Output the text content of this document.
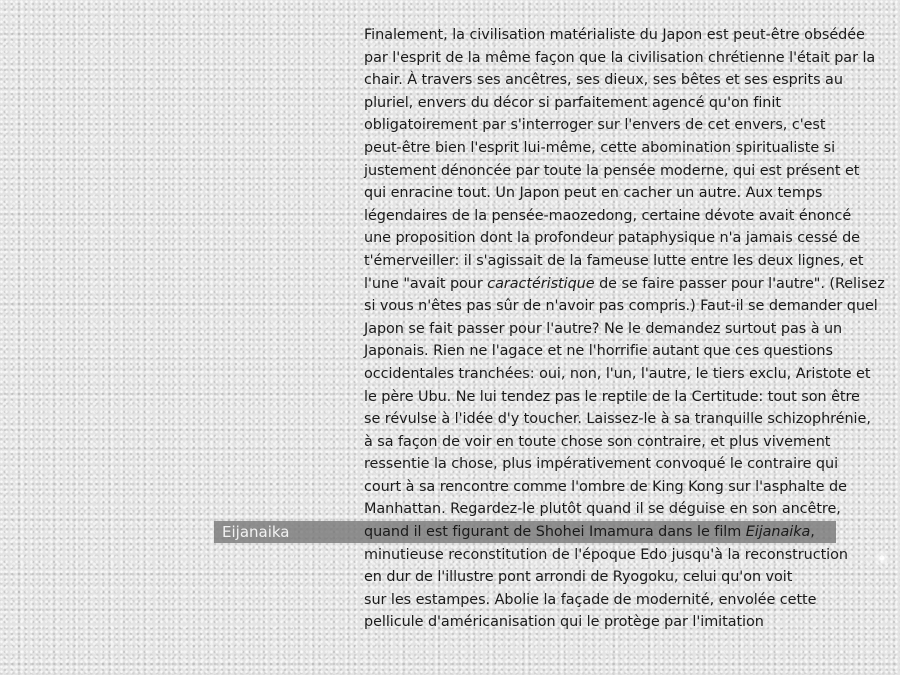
Eijanaika
Finalement, la civilisation matérialiste du Japon est peut-être obsédée
par l'esprit de la même façon que la civilisation chrétienne l'était par la
chair. À travers ses ancêtres, ses dieux, ses bêtes et ses esprits au
pluriel, envers du décor si parfaitement agencé qu'on finit
obligatoirement par s'interroger sur l'envers de cet envers, c'est
peut-être bien l'esprit lui-même, cette abomination spiritualiste si
justement dénoncée par toute la pensée moderne, qui est présent et
qui enracine tout. Un Japon peut en cacher un autre. Aux temps
légendaires de la pensée-maozedong, certaine dévote avait énoncé
une proposition dont la profondeur pataphysique n'a jamais cessé de
t'émerveiller: il s'agissait de la fameuse lutte entre les deux lignes, et
l'une "avait pour caractéristique de se faire passer pour l'autre". (Relisez
si vous n'êtes pas sûr de n'avoir pas compris.) Faut-il se demander quel
Japon se fait passer pour l'autre? Ne le demandez surtout pas à un
Japonais. Rien ne l'agace et ne l'horrifie autant que ces questions
occidentales tranchées: oui, non, l'un, l'autre, le tiers exclu, Aristote et
le père Ubu. Ne lui tendez pas le reptile de la Certitude: tout son être
se révulse à l'idée d'y toucher. Laissez-le à sa tranquille schizophrénie,
à sa façon de voir en toute chose son contraire, et plus vivement
ressentie la chose, plus impérativement convoqué le contraire qui
court à sa rencontre comme l'ombre de King Kong sur l'asphalte de
Manhattan. Regardez-le plutôt quand il se déguise en son ancêtre,
quand il est figurant de Shohei Imamura dans le film Eijanaika,
minutieuse reconstitution de l'époque Edo jusqu'à la reconstruction
en dur de l'illustre pont arrondi de Ryogoku, celui qu'on voit
sur les estampes. Abolie la façade de modernité, envolée cette
pellicule d'américanisation qui le protège par l'imitation
